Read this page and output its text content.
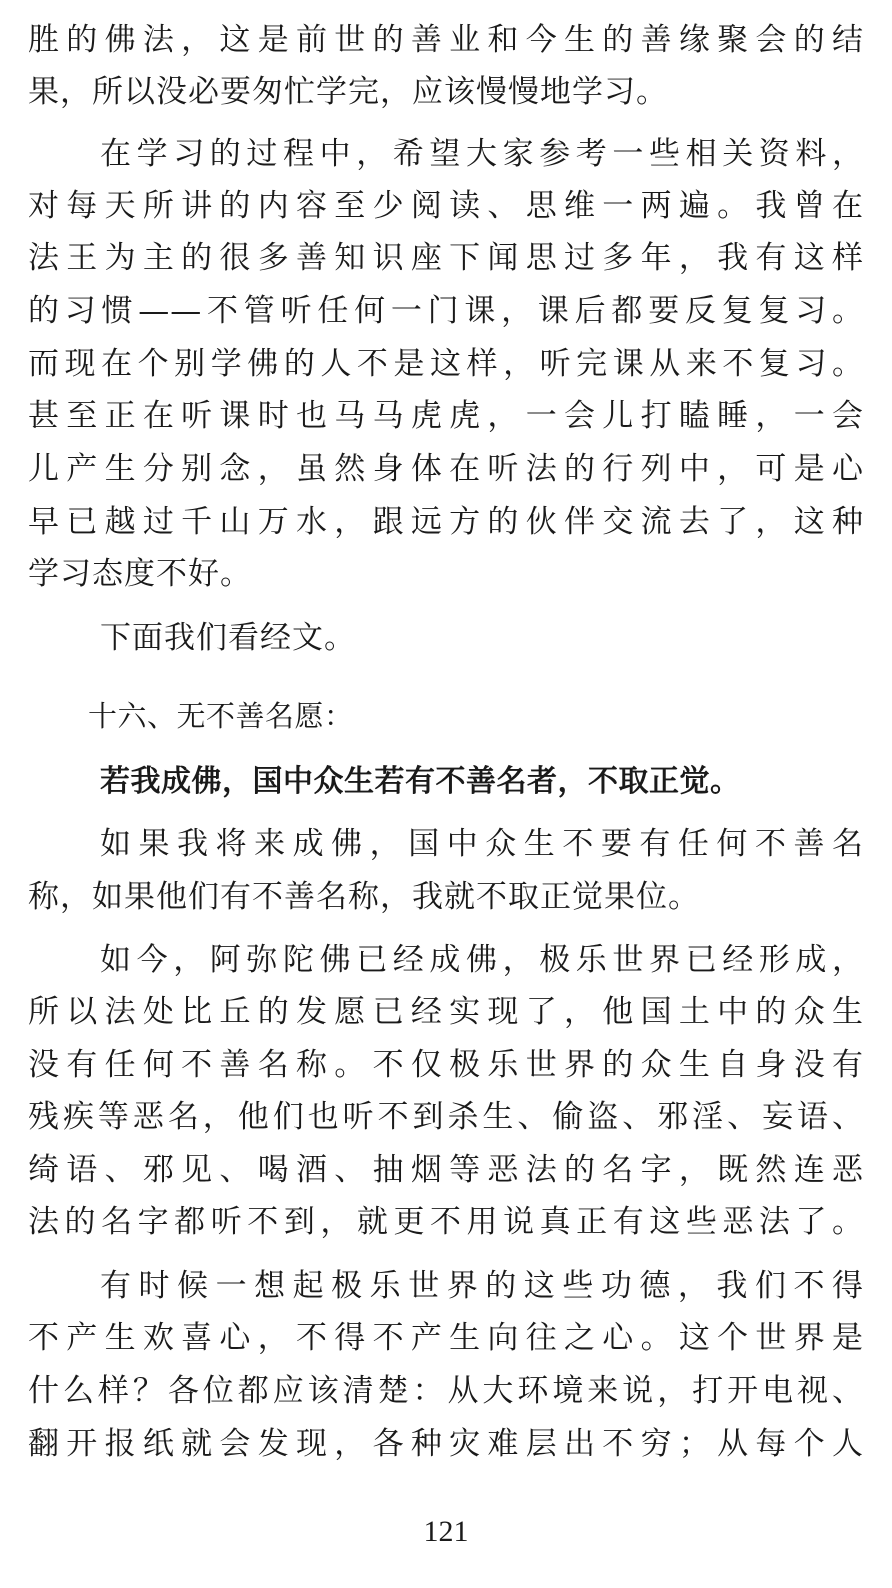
胜的佛法，这是前世的善业和今生的善缘聚会的结
果，所以没必要匆忙学完，应该慢慢地学习。
在学习的过程中，希望大家参考一些相关资料，
对每天所讲的内容至少阅读、思维一两遍。我曾在
法王为主的很多善知识座下闻思过多年，我有这样
的习惯——不管听任何一门课，课后都要反复复习。
而现在个别学佛的人不是这样，听完课从来不复习。
甚至正在听课时也马马虎虎，一会儿打瞌睡，一会
儿产生分别念，虽然身体在听法的行列中，可是心
早已越过千山万水，跟远方的伙伴交流去了，这种
学习态度不好。
下面我们看经文。
十六、无不善名愿：
若我成佛，国中众生若有不善名者，不取正觉。
如果我将来成佛，国中众生不要有任何不善名
称，如果他们有不善名称，我就不取正觉果位。
如今，阿弥陀佛已经成佛，极乐世界已经形成，
所以法处比丘的发愿已经实现了，他国土中的众生
没有任何不善名称。不仅极乐世界的众生自身没有
残疾等恶名，他们也听不到杀生、偷盗、邪淫、妄语、
绮语、邪见、喝酒、抽烟等恶法的名字，既然连恶
法的名字都听不到，就更不用说真正有这些恶法了。
有时候一想起极乐世界的这些功德，我们不得
不产生欢喜心，不得不产生向往之心。这个世界是
什么样？各位都应该清楚：从大环境来说，打开电视、
翻开报纸就会发现，各种灾难层出不穷；从每个人
121
